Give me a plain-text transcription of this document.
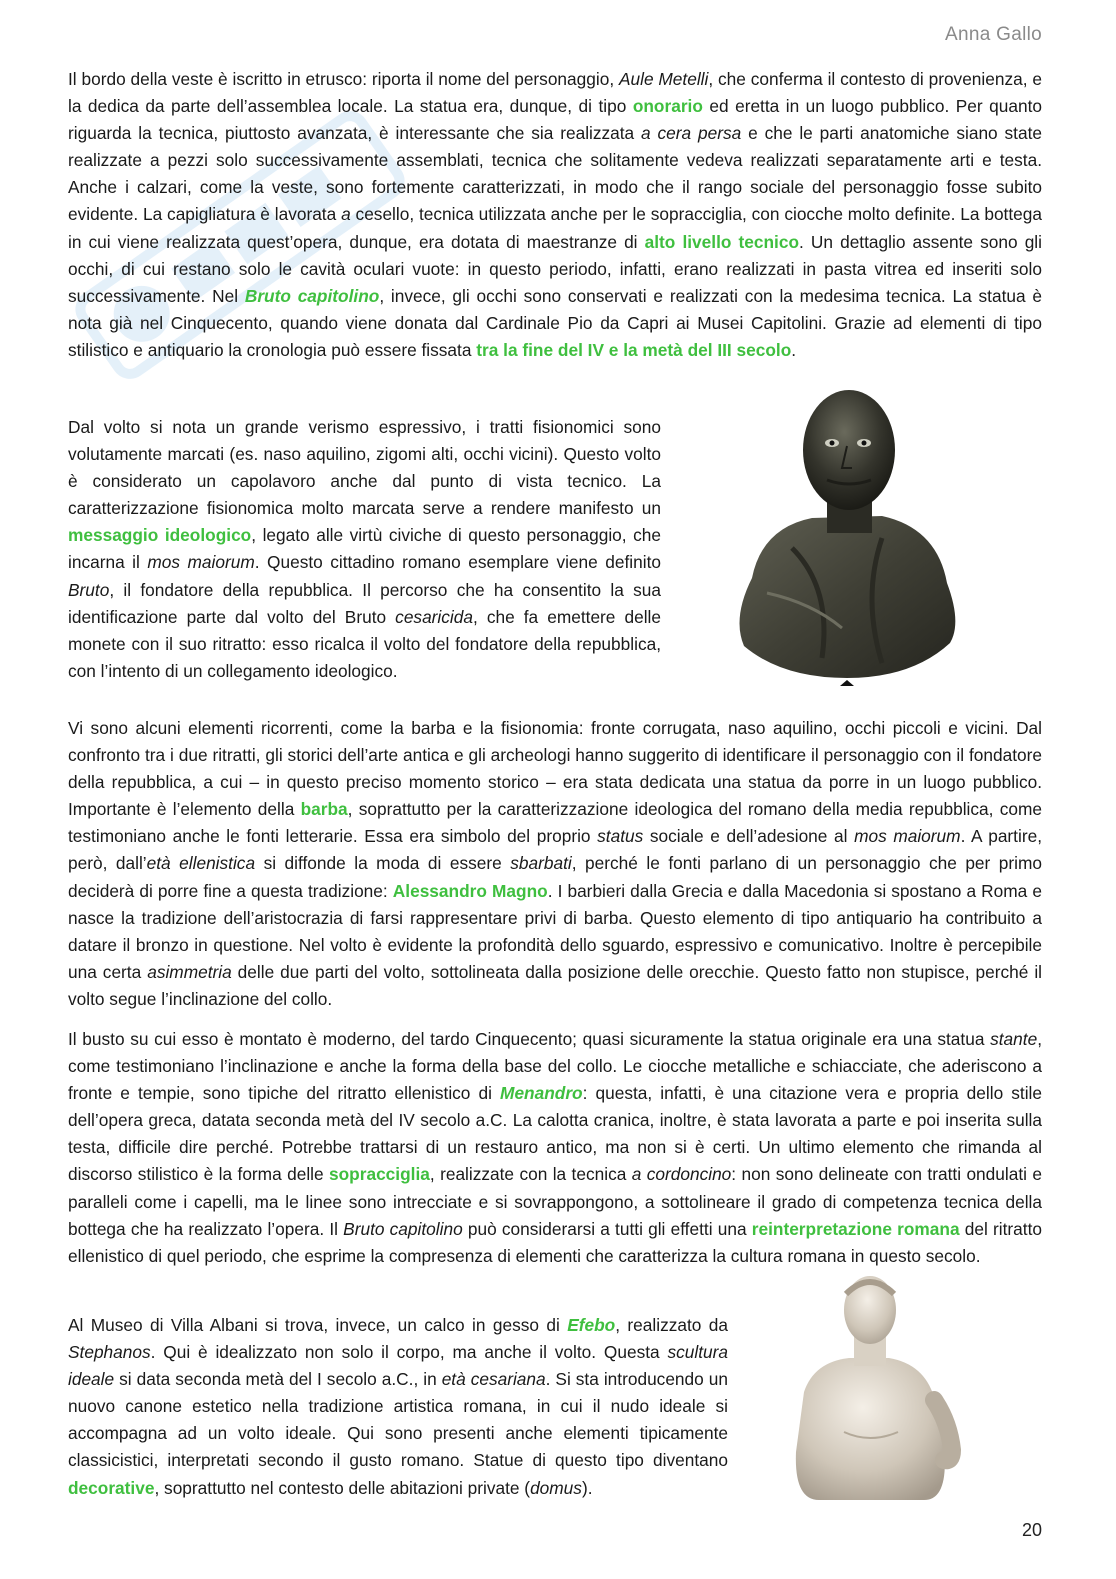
Anna Gallo

Il bordo della veste è iscritto in etrusco: riporta il nome del personaggio, Aule Metelli, che conferma il contesto di provenienza, e la dedica da parte dell’assemblea locale. La statua era, dunque, di tipo onorario ed eretta in un luogo pubblico. Per quanto riguarda la tecnica, piuttosto avanzata, è interessante che sia realizzata a cera persa e che le parti anatomiche siano state realizzate a pezzi solo successivamente assemblati, tecnica che solitamente vedeva realizzati separatamente arti e testa. Anche i calzari, come la veste, sono fortemente caratterizzati, in modo che il rango sociale del personaggio fosse subito evidente. La capigliatura è lavorata a cesello, tecnica utilizzata anche per le sopracciglia, con ciocche molto definite. La bottega in cui viene realizzata quest’opera, dunque, era dotata di maestranze di alto livello tecnico. Un dettaglio assente sono gli occhi, di cui restano solo le cavità oculari vuote: in questo periodo, infatti, erano realizzati in pasta vitrea ed inseriti solo successivamente. Nel Bruto capitolino, invece, gli occhi sono conservati e realizzati con la medesima tecnica. La statua è nota già nel Cinquecento, quando viene donata dal Cardinale Pio da Capri ai Musei Capitolini. Grazie ad elementi di tipo stilistico e antiquario la cronologia può essere fissata tra la fine del IV e la metà del III secolo.

Dal volto si nota un grande verismo espressivo, i tratti fisionomici sono volutamente marcati (es. naso aquilino, zigomi alti, occhi vicini). Questo volto è considerato un capolavoro anche dal punto di vista tecnico. La caratterizzazione fisionomica molto marcata serve a rendere manifesto un messaggio ideologico, legato alle virtù civiche di questo personaggio, che incarna il mos maiorum. Questo cittadino romano esemplare viene definito Bruto, il fondatore della repubblica. Il percorso che ha consentito la sua identificazione parte dal volto del Bruto cesaricida, che fa emettere delle monete con il suo ritratto: esso ricalca il volto del fondatore della repubblica, con l’intento di un collegamento ideologico.

Vi sono alcuni elementi ricorrenti, come la barba e la fisionomia: fronte corrugata, naso aquilino, occhi piccoli e vicini. Dal confronto tra i due ritratti, gli storici dell’arte antica e gli archeologi hanno suggerito di identificare il personaggio con il fondatore della repubblica, a cui – in questo preciso momento storico – era stata dedicata una statua da porre in un luogo pubblico. Importante è l’elemento della barba, soprattutto per la caratterizzazione ideologica del romano della media repubblica, come testimoniano anche le fonti letterarie. Essa era simbolo del proprio status sociale e dell’adesione al mos maiorum. A partire, però, dall’età ellenistica si diffonde la moda di essere sbarbati, perché le fonti parlano di un personaggio che per primo deciderà di porre fine a questa tradizione: Alessandro Magno. I barbieri dalla Grecia e dalla Macedonia si spostano a Roma e nasce la tradizione dell’aristocrazia di farsi rappresentare privi di barba. Questo elemento di tipo antiquario ha contribuito a datare il bronzo in questione. Nel volto è evidente la profondità dello sguardo, espressivo e comunicativo. Inoltre è percepibile una certa asimmetria delle due parti del volto, sottolineata dalla posizione delle orecchie. Questo fatto non stupisce, perché il volto segue l’inclinazione del collo.

Il busto su cui esso è montato è moderno, del tardo Cinquecento; quasi sicuramente la statua originale era una statua stante, come testimoniano l’inclinazione e anche la forma della base del collo. Le ciocche metalliche e schiacciate, che aderiscono a fronte e tempie, sono tipiche del ritratto ellenistico di Menandro: questa, infatti, è una citazione vera e propria dello stile dell’opera greca, datata seconda metà del IV secolo a.C. La calotta cranica, inoltre, è stata lavorata a parte e poi inserita sulla testa, difficile dire perché. Potrebbe trattarsi di un restauro antico, ma non si è certi. Un ultimo elemento che rimanda al discorso stilistico è la forma delle sopracciglia, realizzate con la tecnica a cordoncino: non sono delineate con tratti ondulati e paralleli come i capelli, ma le linee sono intrecciate e si sovrappongono, a sottolineare il grado di competenza tecnica della bottega che ha realizzato l’opera. Il Bruto capitolino può considerarsi a tutti gli effetti una reinterpretazione romana del ritratto ellenistico di quel periodo, che esprime la compresenza di elementi che caratterizza la cultura romana in questo secolo.

Al Museo di Villa Albani si trova, invece, un calco in gesso di Efebo, realizzato da Stephanos. Qui è idealizzato non solo il corpo, ma anche il volto. Questa scultura ideale si data seconda metà del I secolo a.C., in età cesariana. Si sta introducendo un nuovo canone estetico nella tradizione artistica romana, in cui il nudo ideale si accompagna ad un volto ideale. Qui sono presenti anche elementi tipicamente classicistici, interpretati secondo il gusto romano. Statue di questo tipo diventano decorative, soprattutto nel contesto delle abitazioni private (domus).

20
